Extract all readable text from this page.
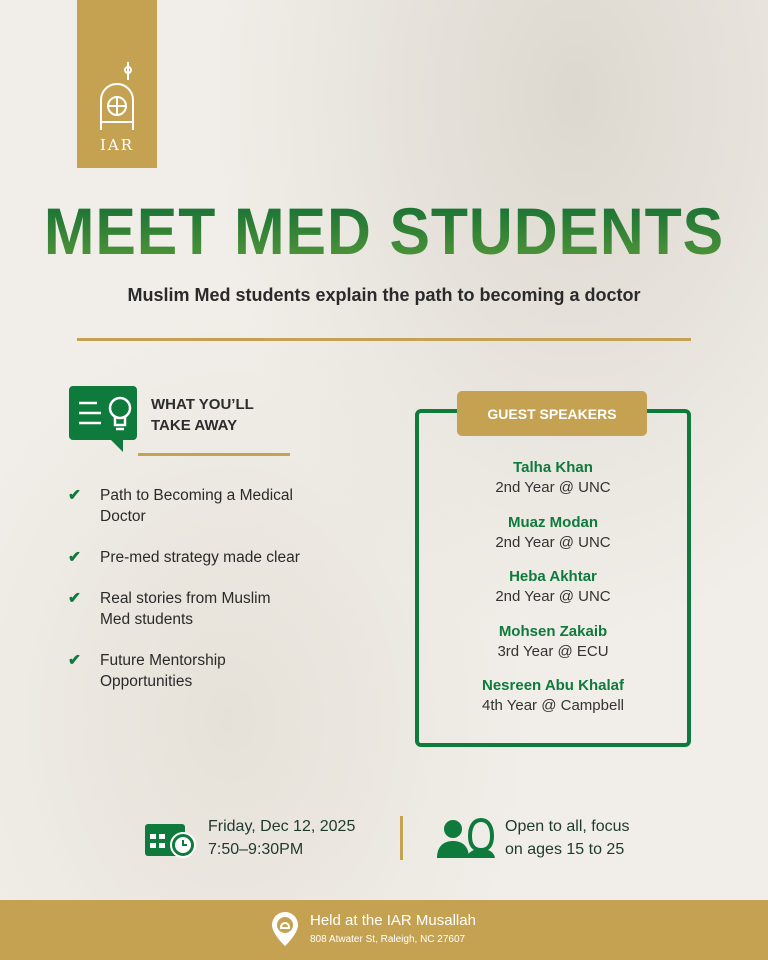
IAR
MEET MED STUDENTS
Muslim Med students explain the path to becoming a doctor
WHAT YOU’LL
TAKE AWAY
✔	Path to Becoming a Medical Doctor
✔	Pre-med strategy made clear
✔	Real stories from Muslim Med students
✔	Future Mentorship Opportunities
GUEST SPEAKERS
Talha Khan
2nd Year @ UNC
Muaz Modan
2nd Year @ UNC
Heba Akhtar
2nd Year @ UNC
Mohsen Zakaib
3rd Year @ ECU
Nesreen Abu Khalaf
4th Year @ Campbell
Friday, Dec 12, 2025
7:50–9:30PM
Open to all, focus
on ages 15 to 25
Held at the IAR Musallah
808 Atwater St, Raleigh, NC 27607
